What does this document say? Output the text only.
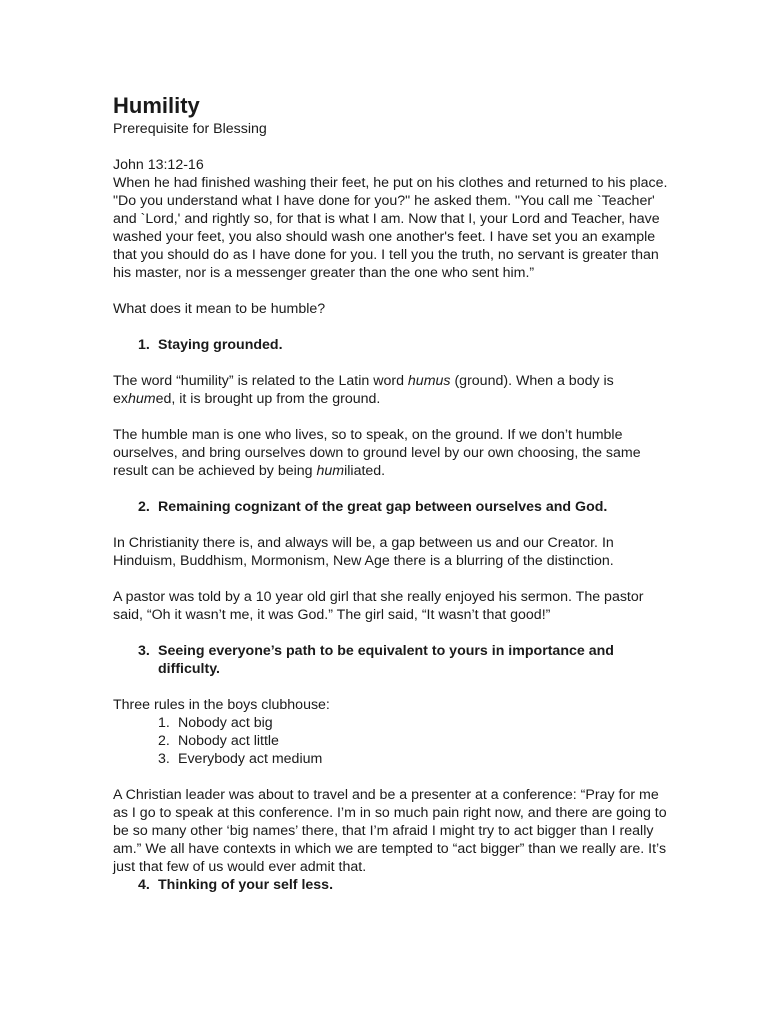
Humility
Prerequisite for Blessing
John 13:12-16

When he had finished washing their feet, he put on his clothes and returned to his place. "Do you understand what I have done for you?" he asked them. "You call me `Teacher' and `Lord,' and rightly so, for that is what I am. Now that I, your Lord and Teacher, have washed your feet, you also should wash one another's feet. I have set you an example that you should do as I have done for you. I tell you the truth, no servant is greater than his master, nor is a messenger greater than the one who sent him.”

What does it mean to be humble?

1. Staying grounded.

The word “humility” is related to the Latin word humus (ground). When a body is exhumed, it is brought up from the ground.

The humble man is one who lives, so to speak, on the ground. If we don’t humble ourselves, and bring ourselves down to ground level by our own choosing, the same result can be achieved by being humiliated.

2. Remaining cognizant of the great gap between ourselves and God.

In Christianity there is, and always will be, a gap between us and our Creator. In Hinduism, Buddhism, Mormonism, New Age there is a blurring of the distinction.

A pastor was told by a 10 year old girl that she really enjoyed his sermon. The pastor said, “Oh it wasn’t me, it was God.” The girl said, “It wasn’t that good!”

3. Seeing everyone’s path to be equivalent to yours in importance and difficulty.
Three rules in the boys clubhouse:
1. Nobody act big
2. Nobody act little
3. Everybody act medium

A Christian leader was about to travel and be a presenter at a conference: “Pray for me as I go to speak at this conference. I’m in so much pain right now, and there are going to be so many other ‘big names’ there, that I’m afraid I might try to act bigger than I really am.” We all have contexts in which we are tempted to “act bigger” than we really are. It’s just that few of us would ever admit that.

4. Thinking of your self less.
